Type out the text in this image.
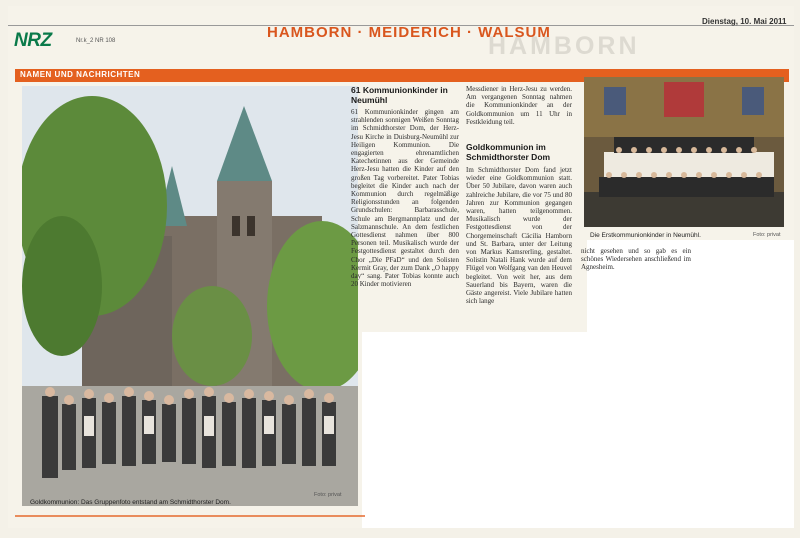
HAMBORN
NRZ	Nr.k_2 NR 108	HAMBORN · MEIDERICH · WALSUM
Dienstag, 10. Mai 2011
NAMEN UND NACHRICHTEN
Goldkommunion: Das Gruppenfoto entstand am Schmidthorster Dom.
Foto: privat
61 Kommunionkinder in Neumühl

61 Kommunionkinder gingen am strahlenden sonnigen Weißen Sonntag im Schmidthorster Dom, der Herz-Jesu Kirche in Duisburg-Neumühl zur Heiligen Kommunion. Die engagierten ehrenamtlichen Katechetinnen aus der Gemeinde Herz-Jesu hatten die Kinder auf den großen Tag vorbereitet. Pater Tobias begleitet die Kinder auch nach der Kommunion durch regelmäßige Religionsstunden an folgenden Grundschulen: Barbarasschule, Schule am Bergmannplatz und der Salzmannschule. An dem festlichen Gottesdienst nahmen über 800 Personen teil. Musikalisch wurde der Festgottesdienst gestaltet durch den Chor „Die PFaD“ und den Solisten Kermit Gray, der zum Dank „O happy day“ sang. Pater Tobias konnte auch 20 Kinder motivieren

Messdiener in Herz-Jesu zu werden. Am vergangenen Sonntag nahmen die Kommunionkinder an der Goldkommunion um 11 Uhr in Festkleidung teil.

Goldkommunion im Schmidthorster Dom

Im Schmidthorster Dom fand jetzt wieder eine Goldkommunion statt. Über 50 Jubilare, davon waren auch zahlreiche Jubilare, die vor 75 und 80 Jahren zur Kommunion gegangen waren, hatten teilgenommen. Musikalisch wurde der Festgottesdienst von der Chorgemeinschaft Cäcilia Hamborn und St. Barbara, unter der Leitung von Markus Kamsrerling, gestaltet. Solistin Natali Hank wurde auf dem Flügel von Wolfgang van den Heuvel begleitet. Von weit her, aus dem Sauerland bis Bayern, waren die Gäste angereist. Viele Jubilare hatten sich lange

Die Erstkommunionkinder in Neumühl.	Foto: privat

nicht gesehen und so gab es ein schönes Wiedersehen anschließend im Agnesheim.
